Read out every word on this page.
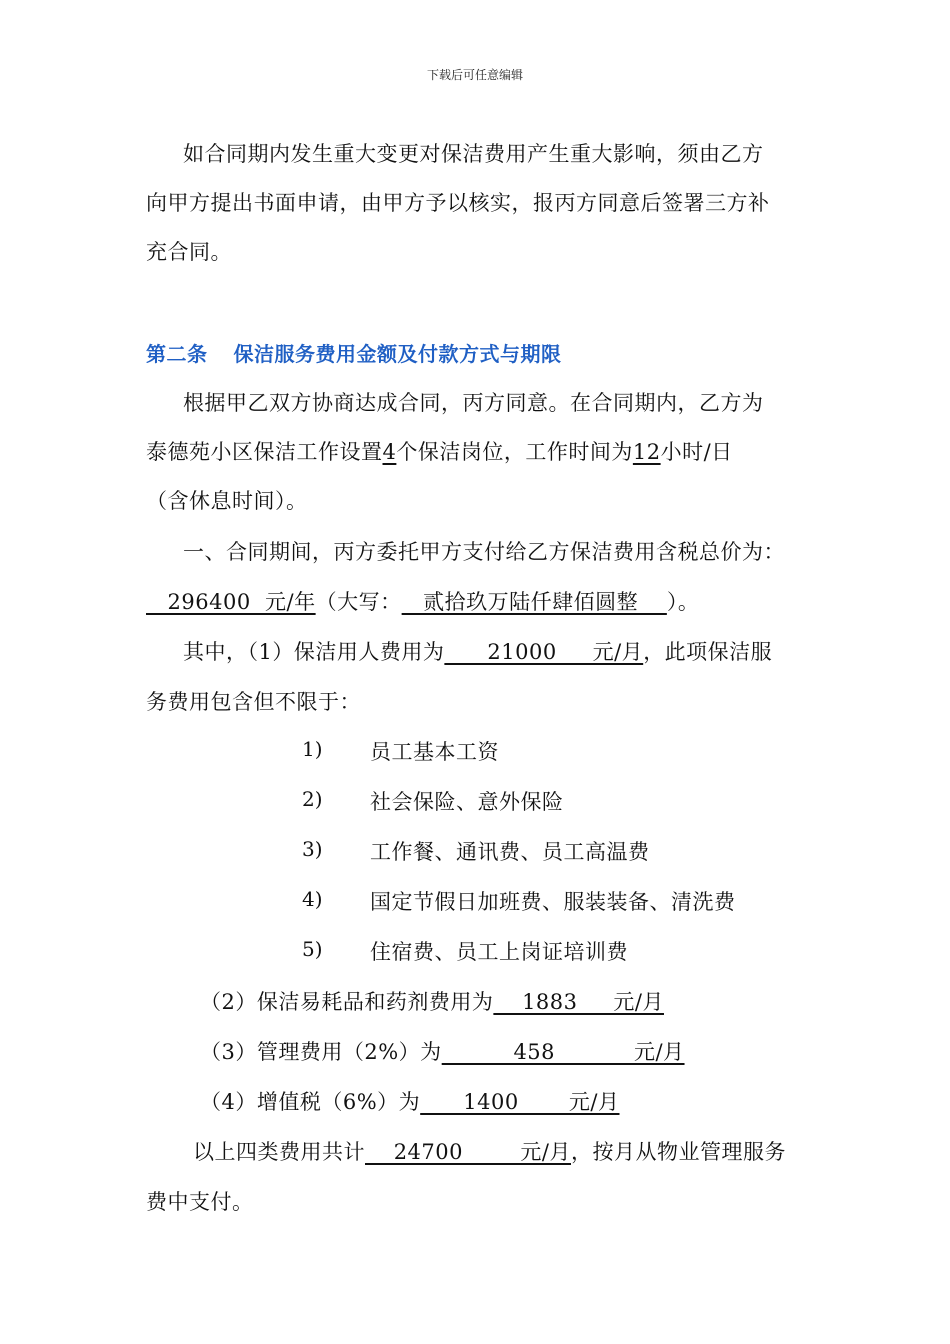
下载后可任意编辑
如合同期内发生重大变更对保洁费用产生重大影响，须由乙方
向甲方提出书面申请，由甲方予以核实，报丙方同意后签署三方补
充合同。
第二条 保洁服务费用金额及付款方式与期限
根据甲乙双方协商达成合同，丙方同意。在合同期内，乙方为
泰德苑小区保洁工作设置4个保洁岗位，工作时间为12小时/日
（含休息时间）。
一、合同期间，丙方委托甲方支付给乙方保洁费用含税总价为：
296400  元/年（大写：   贰拾玖万陆仟肆佰圆整    ）。
其中，（1）保洁用人费用为      21000     元/月，此项保洁服
务费用包含但不限于：
1) 员工基本工资
2) 社会保险、意外保险
3) 工作餐、通讯费、员工高温费
4) 国定节假日加班费、服装装备、清洗费
5) 住宿费、员工上岗证培训费
（2）保洁易耗品和药剂费用为    1883     元/月
（3）管理费用（2%）为          458           元/月
（4）增值税（6%）为      1400       元/月
以上四类费用共计    24700        元/月，按月从物业管理服务
费中支付。
